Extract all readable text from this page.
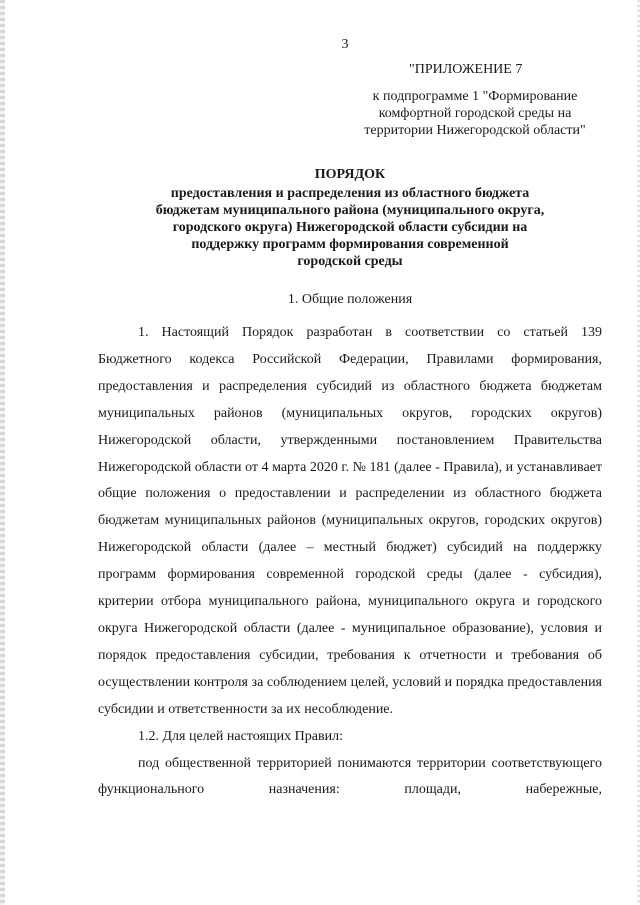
3
"ПРИЛОЖЕНИЕ 7
к подпрограмме 1 "Формирование
комфортной городской среды на
территории Нижегородской области"
ПОРЯДОК
предоставления и распределения из областного бюджета
бюджетам муниципального района (муниципального округа,
городского округа) Нижегородской области субсидии на
поддержку программ формирования современной
городской среды
1. Общие положения

1. Настоящий Порядок разработан в соответствии со статьей 139 Бюджетного кодекса Российской Федерации, Правилами формирования, предоставления и распределения субсидий из областного бюджета бюджетам муниципальных районов (муниципальных округов, городских округов) Нижегородской области, утвержденными постановлением Правительства Нижегородской области от 4 марта 2020 г. № 181 (далее - Правила), и устанавливает общие положения о предоставлении и распределении из областного бюджета бюджетам муниципальных районов (муниципальных округов, городских округов) Нижегородской области (далее – местный бюджет) субсидий на поддержку программ формирования современной городской среды (далее - субсидия), критерии отбора муниципального района, муниципального округа и городского округа Нижегородской области (далее - муниципальное образование), условия и порядок предоставления субсидии, требования к отчетности и требования об осуществлении контроля за соблюдением целей, условий и порядка предоставления субсидии и ответственности за их несоблюдение.

1.2. Для целей настоящих Правил:

под общественной территорией понимаются территории соответствующего функционального назначения: площади, набережные,
